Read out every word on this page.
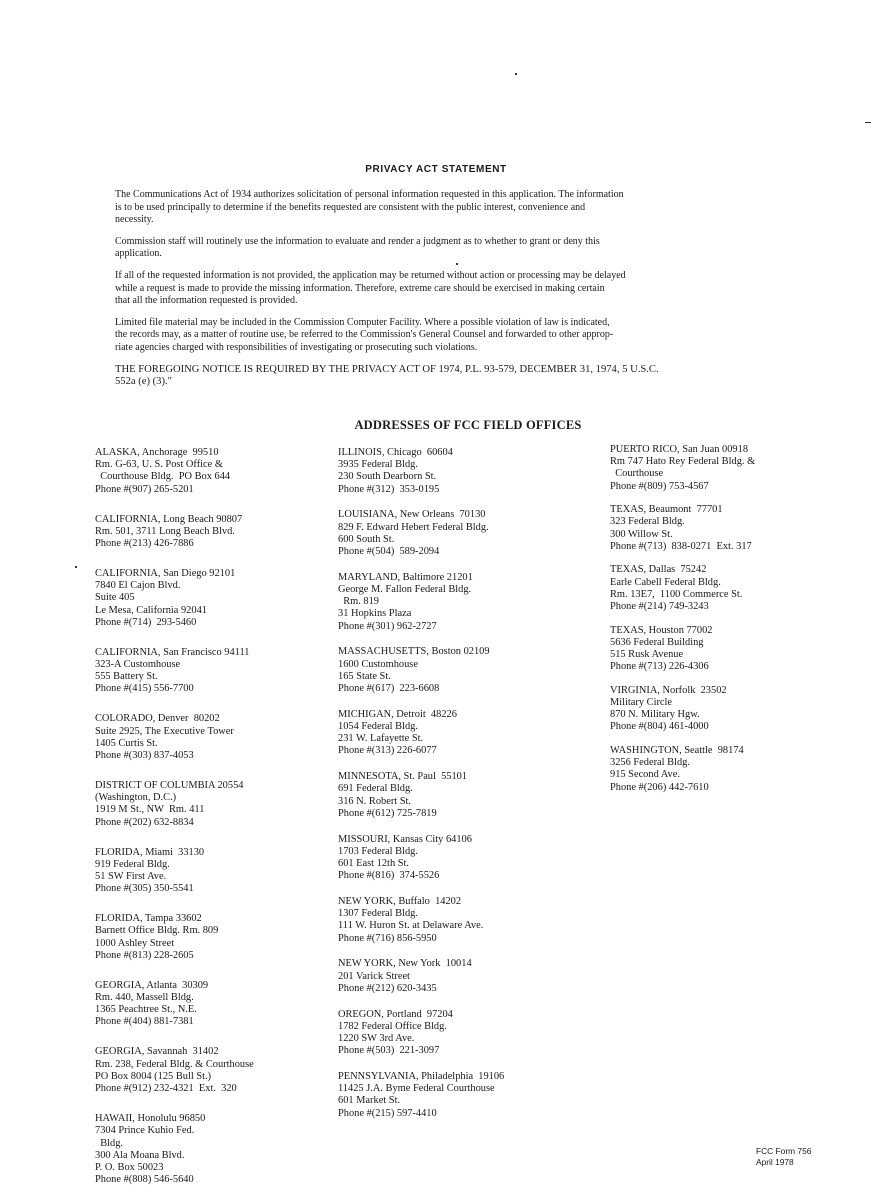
PRIVACY ACT STATEMENT

The Communications Act of 1934 authorizes solicitation of personal information requested in this application. The information
is to be used principally to determine if the benefits requested are consistent with the public interest, convenience and
necessity.

Commission staff will routinely use the information to evaluate and render a judgment as to whether to grant or deny this
application.

If all of the requested information is not provided, the application may be returned without action or processing may be delayed
while a request is made to provide the missing information. Therefore, extreme care should be exercised in making certain
that all the information requested is provided.

Limited file material may be included in the Commission Computer Facility. Where a possible violation of law is indicated,
the records may, as a matter of routine use, be referred to the Commission's General Counsel and forwarded to other approp-
riate agencies charged with responsibilities of investigating or prosecuting such violations.

THE FOREGOING NOTICE IS REQUIRED BY THE PRIVACY ACT OF 1974, P.L. 93-579, DECEMBER 31, 1974, 5 U.S.C.
552a (e) (3)."

ADDRESSES OF FCC FIELD OFFICES
ALASKA, Anchorage  99510
Rm. G-63, U. S. Post Office &
Courthouse Bldg.  PO Box 644
Phone #(907) 265-5201
CALIFORNIA, Long Beach 90807
Rm. 501, 3711 Long Beach Blvd.
Phone #(213) 426-7886
CALIFORNIA, San Diego 92101
7840 El Cajon Blvd.
Suite 405
Le Mesa, California 92041
Phone #(714)  293-5460
CALIFORNIA, San Francisco 94111
323-A Customhouse
555 Battery St.
Phone #(415) 556-7700
COLORADO, Denver  80202
Suite 2925, The Executive Tower
1405 Curtis St.
Phone #(303) 837-4053
DISTRICT OF COLUMBIA 20554
(Washington, D.C.)
1919 M St., NW  Rm. 411
Phone #(202) 632-8834
FLORIDA, Miami  33130
919 Federal Bldg.
51 SW First Ave.
Phone #(305) 350-5541
FLORIDA, Tampa 33602
Barnett Office Bldg. Rm. 809
1000 Ashley Street
Phone #(813) 228-2605
GEORGIA, Atlanta  30309
Rm. 440, Massell Bldg.
1365 Peachtree St., N.E.
Phone #(404) 881-7381
GEORGIA, Savannah  31402
Rm. 238, Federal Bldg. & Courthouse
PO Box 8004 (125 Bull St.)
Phone #(912) 232-4321  Ext.  320
HAWAII, Honolulu 96850
7304 Prince Kuhio Fed.
Bldg.
300 Ala Moana Blvd.
P. O. Box 50023
Phone #(808) 546-5640
ILLINOIS, Chicago  60604
3935 Federal Bldg.
230 South Dearborn St.
Phone #(312)  353-0195
LOUISIANA, New Orleans  70130
829 F. Edward Hebert Federal Bldg.
600 South St.
Phone #(504)  589-2094
MARYLAND, Baltimore 21201
George M. Fallon Federal Bldg.
Rm. 819
31 Hopkins Plaza
Phone #(301) 962-2727
MASSACHUSETTS, Boston 02109
1600 Customhouse
165 State St.
Phone #(617)  223-6608
MICHIGAN, Detroit  48226
1054 Federal Bldg.
231 W. Lafayette St.
Phone #(313) 226-6077
MINNESOTA, St. Paul  55101
691 Federal Bldg.
316 N. Robert St.
Phone #(612) 725-7819
MISSOURI, Kansas City 64106
1703 Federal Bldg.
601 East 12th St.
Phone #(816)  374-5526
NEW YORK, Buffalo  14202
1307 Federal Bldg.
111 W. Huron St. at Delaware Ave.
Phone #(716) 856-5950
NEW YORK, New York  10014
201 Varick Street
Phone #(212) 620-3435
OREGON, Portland  97204
1782 Federal Office Bldg.
1220 SW 3rd Ave.
Phone #(503)  221-3097
PENNSYLVANIA, Philadelphia  19106
11425 J.A. Byme Federal Courthouse
601 Market St.
Phone #(215) 597-4410
PUERTO RICO, San Juan 00918
Rm 747 Hato Rey Federal Bldg. &
Courthouse
Phone #(809) 753-4567
TEXAS, Beaumont  77701
323 Federal Bldg.
300 Willow St.
Phone #(713)  838-0271  Ext. 317
TEXAS, Dallas  75242
Earle Cabell Federal Bldg.
Rm. 13E7,  1100 Commerce St.
Phone #(214) 749-3243
TEXAS, Houston 77002
5636 Federal Building
515 Rusk Avenue
Phone #(713) 226-4306
VIRGINIA, Norfolk  23502
Military Circle
870 N. Military Hgw.
Phone #(804) 461-4000
WASHINGTON, Seattle  98174
3256 Federal Bldg.
915 Second Ave.
Phone #(206) 442-7610
FCC Form 756
April 1978
